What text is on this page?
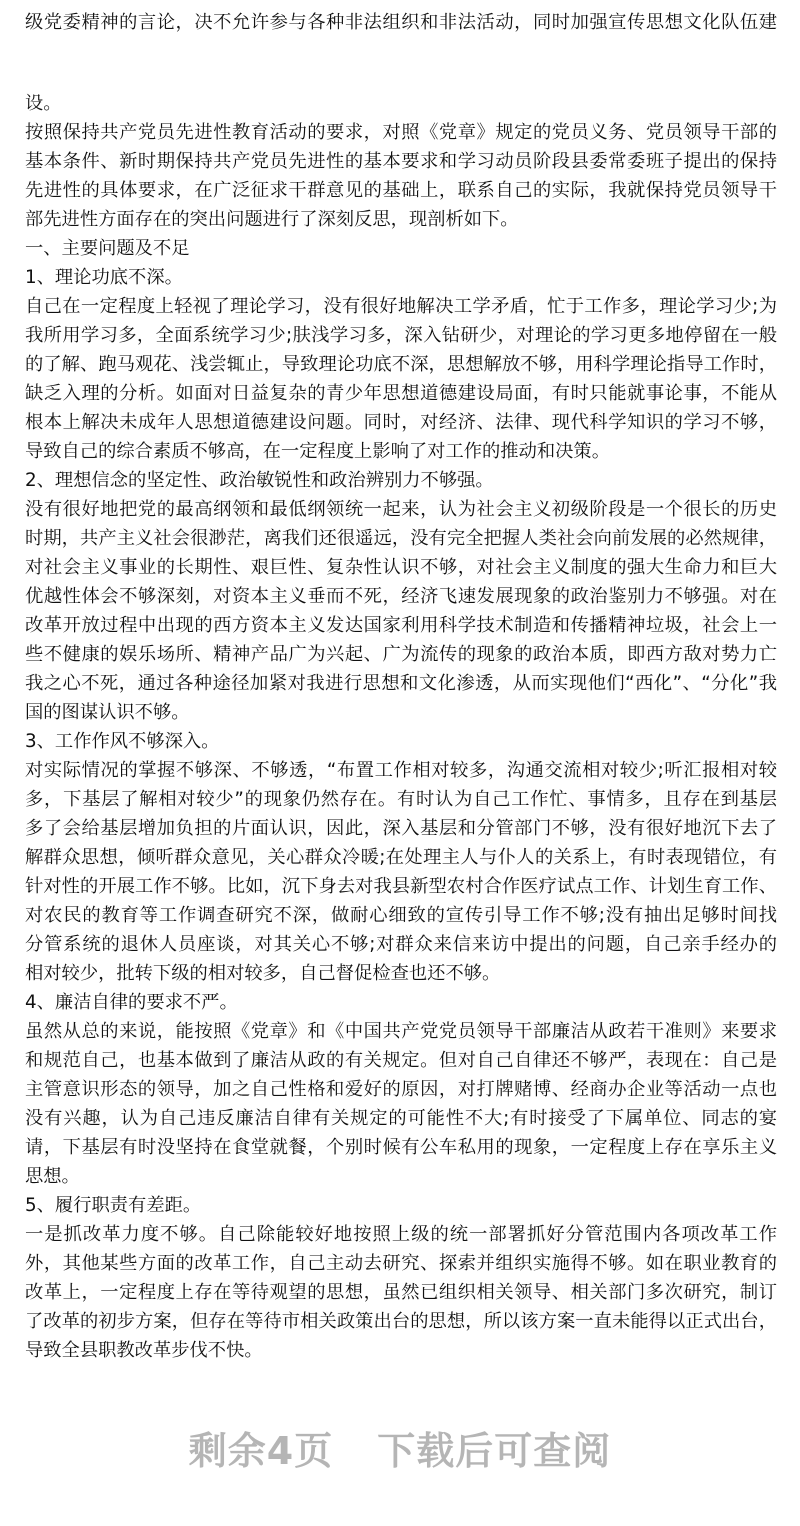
级党委精神的言论，决不允许参与各种非法组织和非法活动，同时加强宣传思想文化队伍建
设。
按照保持共产党员先进性教育活动的要求，对照《党章》规定的党员义务、党员领导干部的
基本条件、新时期保持共产党员先进性的基本要求和学习动员阶段县委常委班子提出的保持
先进性的具体要求，在广泛征求干群意见的基础上，联系自己的实际，我就保持党员领导干
部先进性方面存在的突出问题进行了深刻反思，现剖析如下。
一、主要问题及不足
1、理论功底不深。
自己在一定程度上轻视了理论学习，没有很好地解决工学矛盾，忙于工作多，理论学习少;为
我所用学习多，全面系统学习少;肤浅学习多，深入钻研少，对理论的学习更多地停留在一般
的了解、跑马观花、浅尝辄止，导致理论功底不深，思想解放不够，用科学理论指导工作时，
缺乏入理的分析。如面对日益复杂的青少年思想道德建设局面，有时只能就事论事，不能从
根本上解决未成年人思想道德建设问题。同时，对经济、法律、现代科学知识的学习不够，
导致自己的综合素质不够高，在一定程度上影响了对工作的推动和决策。
2、理想信念的坚定性、政治敏锐性和政治辨别力不够强。
没有很好地把党的最高纲领和最低纲领统一起来，认为社会主义初级阶段是一个很长的历史
时期，共产主义社会很渺茫，离我们还很遥远，没有完全把握人类社会向前发展的必然规律，
对社会主义事业的长期性、艰巨性、复杂性认识不够，对社会主义制度的强大生命力和巨大
优越性体会不够深刻，对资本主义垂而不死，经济飞速发展现象的政治鉴别力不够强。对在
改革开放过程中出现的西方资本主义发达国家利用科学技术制造和传播精神垃圾，社会上一
些不健康的娱乐场所、精神产品广为兴起、广为流传的现象的政治本质，即西方敌对势力亡
我之心不死，通过各种途径加紧对我进行思想和文化渗透，从而实现他们“西化”、“分化”我
国的图谋认识不够。
3、工作作风不够深入。
对实际情况的掌握不够深、不够透，“布置工作相对较多，沟通交流相对较少;听汇报相对较
多，下基层了解相对较少”的现象仍然存在。有时认为自己工作忙、事情多，且存在到基层
多了会给基层增加负担的片面认识，因此，深入基层和分管部门不够，没有很好地沉下去了
解群众思想，倾听群众意见，关心群众冷暖;在处理主人与仆人的关系上，有时表现错位，有
针对性的开展工作不够。比如，沉下身去对我县新型农村合作医疗试点工作、计划生育工作、
对农民的教育等工作调查研究不深，做耐心细致的宣传引导工作不够;没有抽出足够时间找
分管系统的退休人员座谈，对其关心不够;对群众来信来访中提出的问题，自己亲手经办的
相对较少，批转下级的相对较多，自己督促检查也还不够。
4、廉洁自律的要求不严。
虽然从总的来说，能按照《党章》和《中国共产党党员领导干部廉洁从政若干准则》来要求
和规范自己，也基本做到了廉洁从政的有关规定。但对自己自律还不够严，表现在：自己是
主管意识形态的领导，加之自己性格和爱好的原因，对打牌赌博、经商办企业等活动一点也
没有兴趣，认为自己违反廉洁自律有关规定的可能性不大;有时接受了下属单位、同志的宴
请，下基层有时没坚持在食堂就餐，个别时候有公车私用的现象，一定程度上存在享乐主义
思想。
5、履行职责有差距。
一是抓改革力度不够。自己除能较好地按照上级的统一部署抓好分管范围内各项改革工作
外，其他某些方面的改革工作，自己主动去研究、探索并组织实施得不够。如在职业教育的
改革上，一定程度上存在等待观望的思想，虽然已组织相关领导、相关部门多次研究，制订
了改革的初步方案，但存在等待市相关政策出台的思想，所以该方案一直未能得以正式出台，
导致全县职教改革步伐不快。
剩余4页 下载后可查阅
